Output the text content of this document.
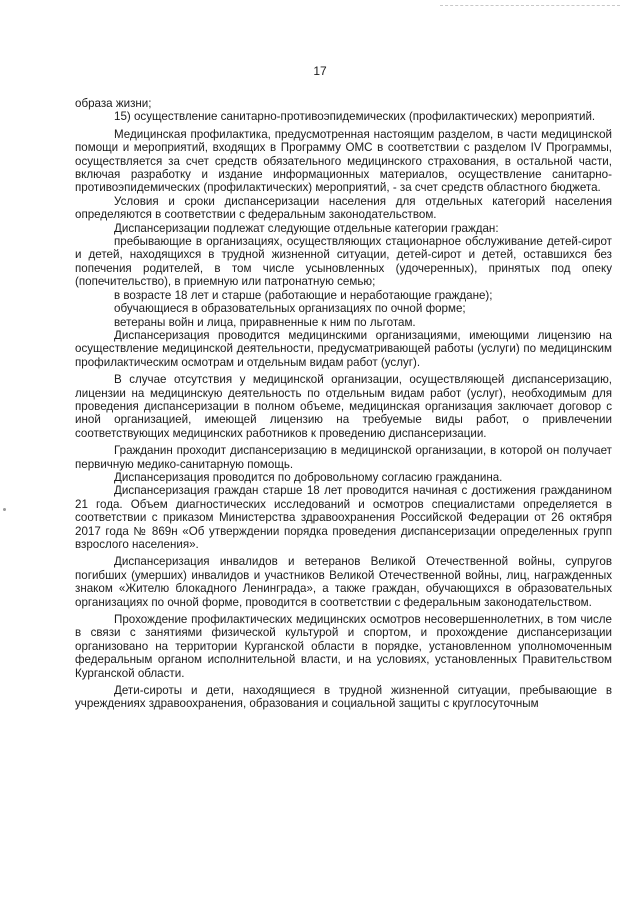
17

образа жизни;

15) осуществление санитарно-противоэпидемических (профилактических) мероприятий.

Медицинская профилактика, предусмотренная настоящим разделом, в части медицинской помощи и мероприятий, входящих в Программу ОМС в соответствии с разделом IV Программы, осуществляется за счет средств обязательного медицинского страхования, в остальной части, включая разработку и издание информационных материалов, осуществление санитарно-противоэпидемических (профилактических) мероприятий, - за счет средств областного бюджета.

Условия и сроки диспансеризации населения для отдельных категорий населения определяются в соответствии с федеральным законодательством.

Диспансеризации подлежат следующие отдельные категории граждан:

пребывающие в организациях, осуществляющих стационарное обслуживание детей-сирот и детей, находящихся в трудной жизненной ситуации, детей-сирот и детей, оставшихся без попечения родителей, в том числе усыновленных (удочеренных), принятых под опеку (попечительство), в приемную или патронатную семью;

в возрасте 18 лет и старше (работающие и неработающие граждане);

обучающиеся в образовательных организациях по очной форме;

ветераны войн и лица, приравненные к ним по льготам.

Диспансеризация проводится медицинскими организациями, имеющими лицензию на осуществление медицинской деятельности, предусматривающей работы (услуги) по медицинским профилактическим осмотрам и отдельным видам работ (услуг).

В случае отсутствия у медицинской организации, осуществляющей диспансеризацию, лицензии на медицинскую деятельность по отдельным видам работ (услуг), необходимым для проведения диспансеризации в полном объеме, медицинская организация заключает договор с иной организацией, имеющей лицензию на требуемые виды работ, о привлечении соответствующих медицинских работников к проведению диспансеризации.

Гражданин проходит диспансеризацию в медицинской организации, в которой он получает первичную медико-санитарную помощь.

Диспансеризация проводится по добровольному согласию гражданина.

Диспансеризация граждан старше 18 лет проводится начиная с достижения гражданином 21 года. Объем диагностических исследований и осмотров специалистами определяется в соответствии с приказом Министерства здравоохранения Российской Федерации от 26 октября 2017 года № 869н «Об утверждении порядка проведения диспансеризации определенных групп взрослого населения».

Диспансеризация инвалидов и ветеранов Великой Отечественной войны, супругов погибших (умерших) инвалидов и участников Великой Отечественной войны, лиц, награжденных знаком «Жителю блокадного Ленинграда», а также граждан, обучающихся в образовательных организациях по очной форме, проводится в соответствии с федеральным законодательством.

Прохождение профилактических медицинских осмотров несовершеннолетних, в том числе в связи с занятиями физической культурой и спортом, и прохождение диспансеризации организовано на территории Курганской области в порядке, установленном уполномоченным федеральным органом исполнительной власти, и на условиях, установленных Правительством Курганской области.

Дети-сироты и дети, находящиеся в трудной жизненной ситуации, пребывающие в учреждениях здравоохранения, образования и социальной защиты с круглосуточным
